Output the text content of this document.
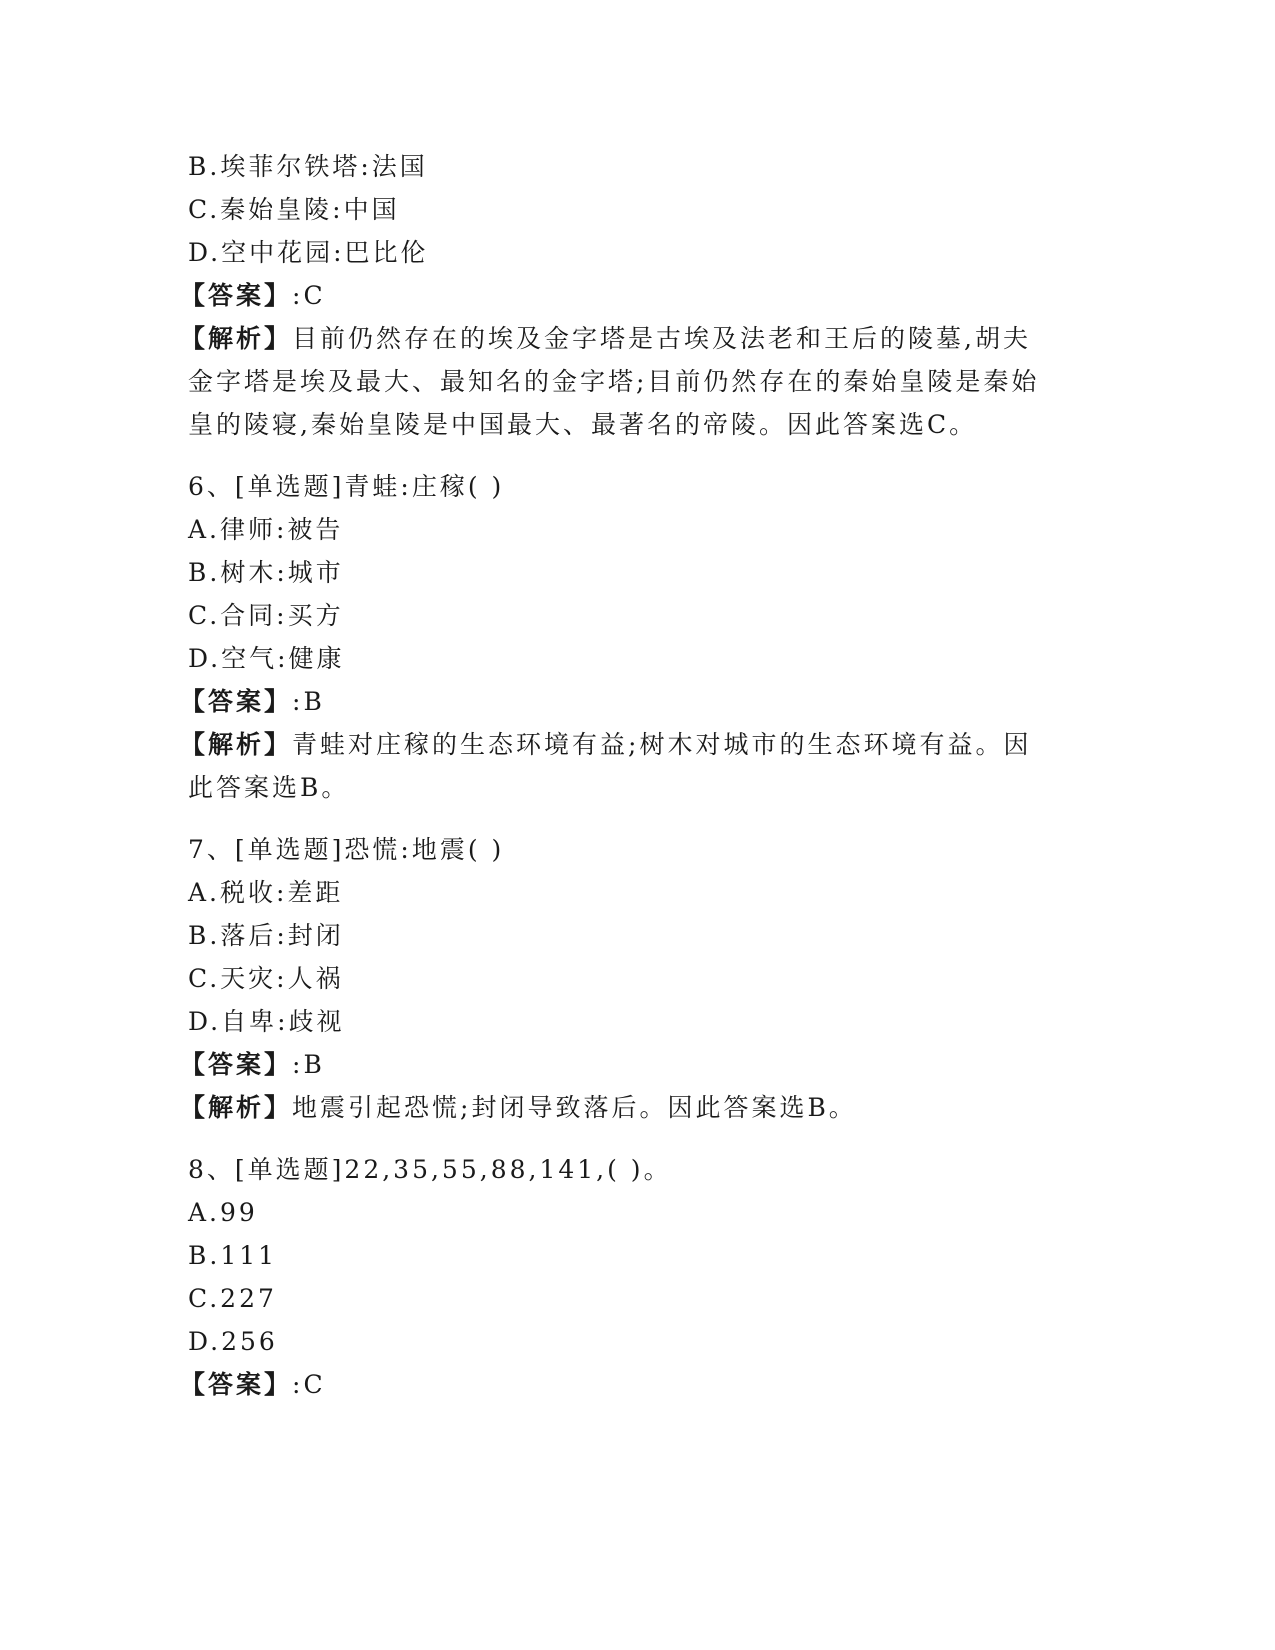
B.埃菲尔铁塔:法国
C.秦始皇陵:中国
D.空中花园:巴比伦
【答案】:C
【解析】目前仍然存在的埃及金字塔是古埃及法老和王后的陵墓,胡夫
金字塔是埃及最大、最知名的金字塔;目前仍然存在的秦始皇陵是秦始
皇的陵寝,秦始皇陵是中国最大、最著名的帝陵。因此答案选C。
6、[单选题]青蛙:庄稼( )
A.律师:被告
B.树木:城市
C.合同:买方
D.空气:健康
【答案】:B
【解析】青蛙对庄稼的生态环境有益;树木对城市的生态环境有益。因
此答案选B。
7、[单选题]恐慌:地震( )
A.税收:差距
B.落后:封闭
C.天灾:人祸
D.自卑:歧视
【答案】:B
【解析】地震引起恐慌;封闭导致落后。因此答案选B。
8、[单选题]22,35,55,88,141,( )。
A.99
B.111
C.227
D.256
【答案】:C
